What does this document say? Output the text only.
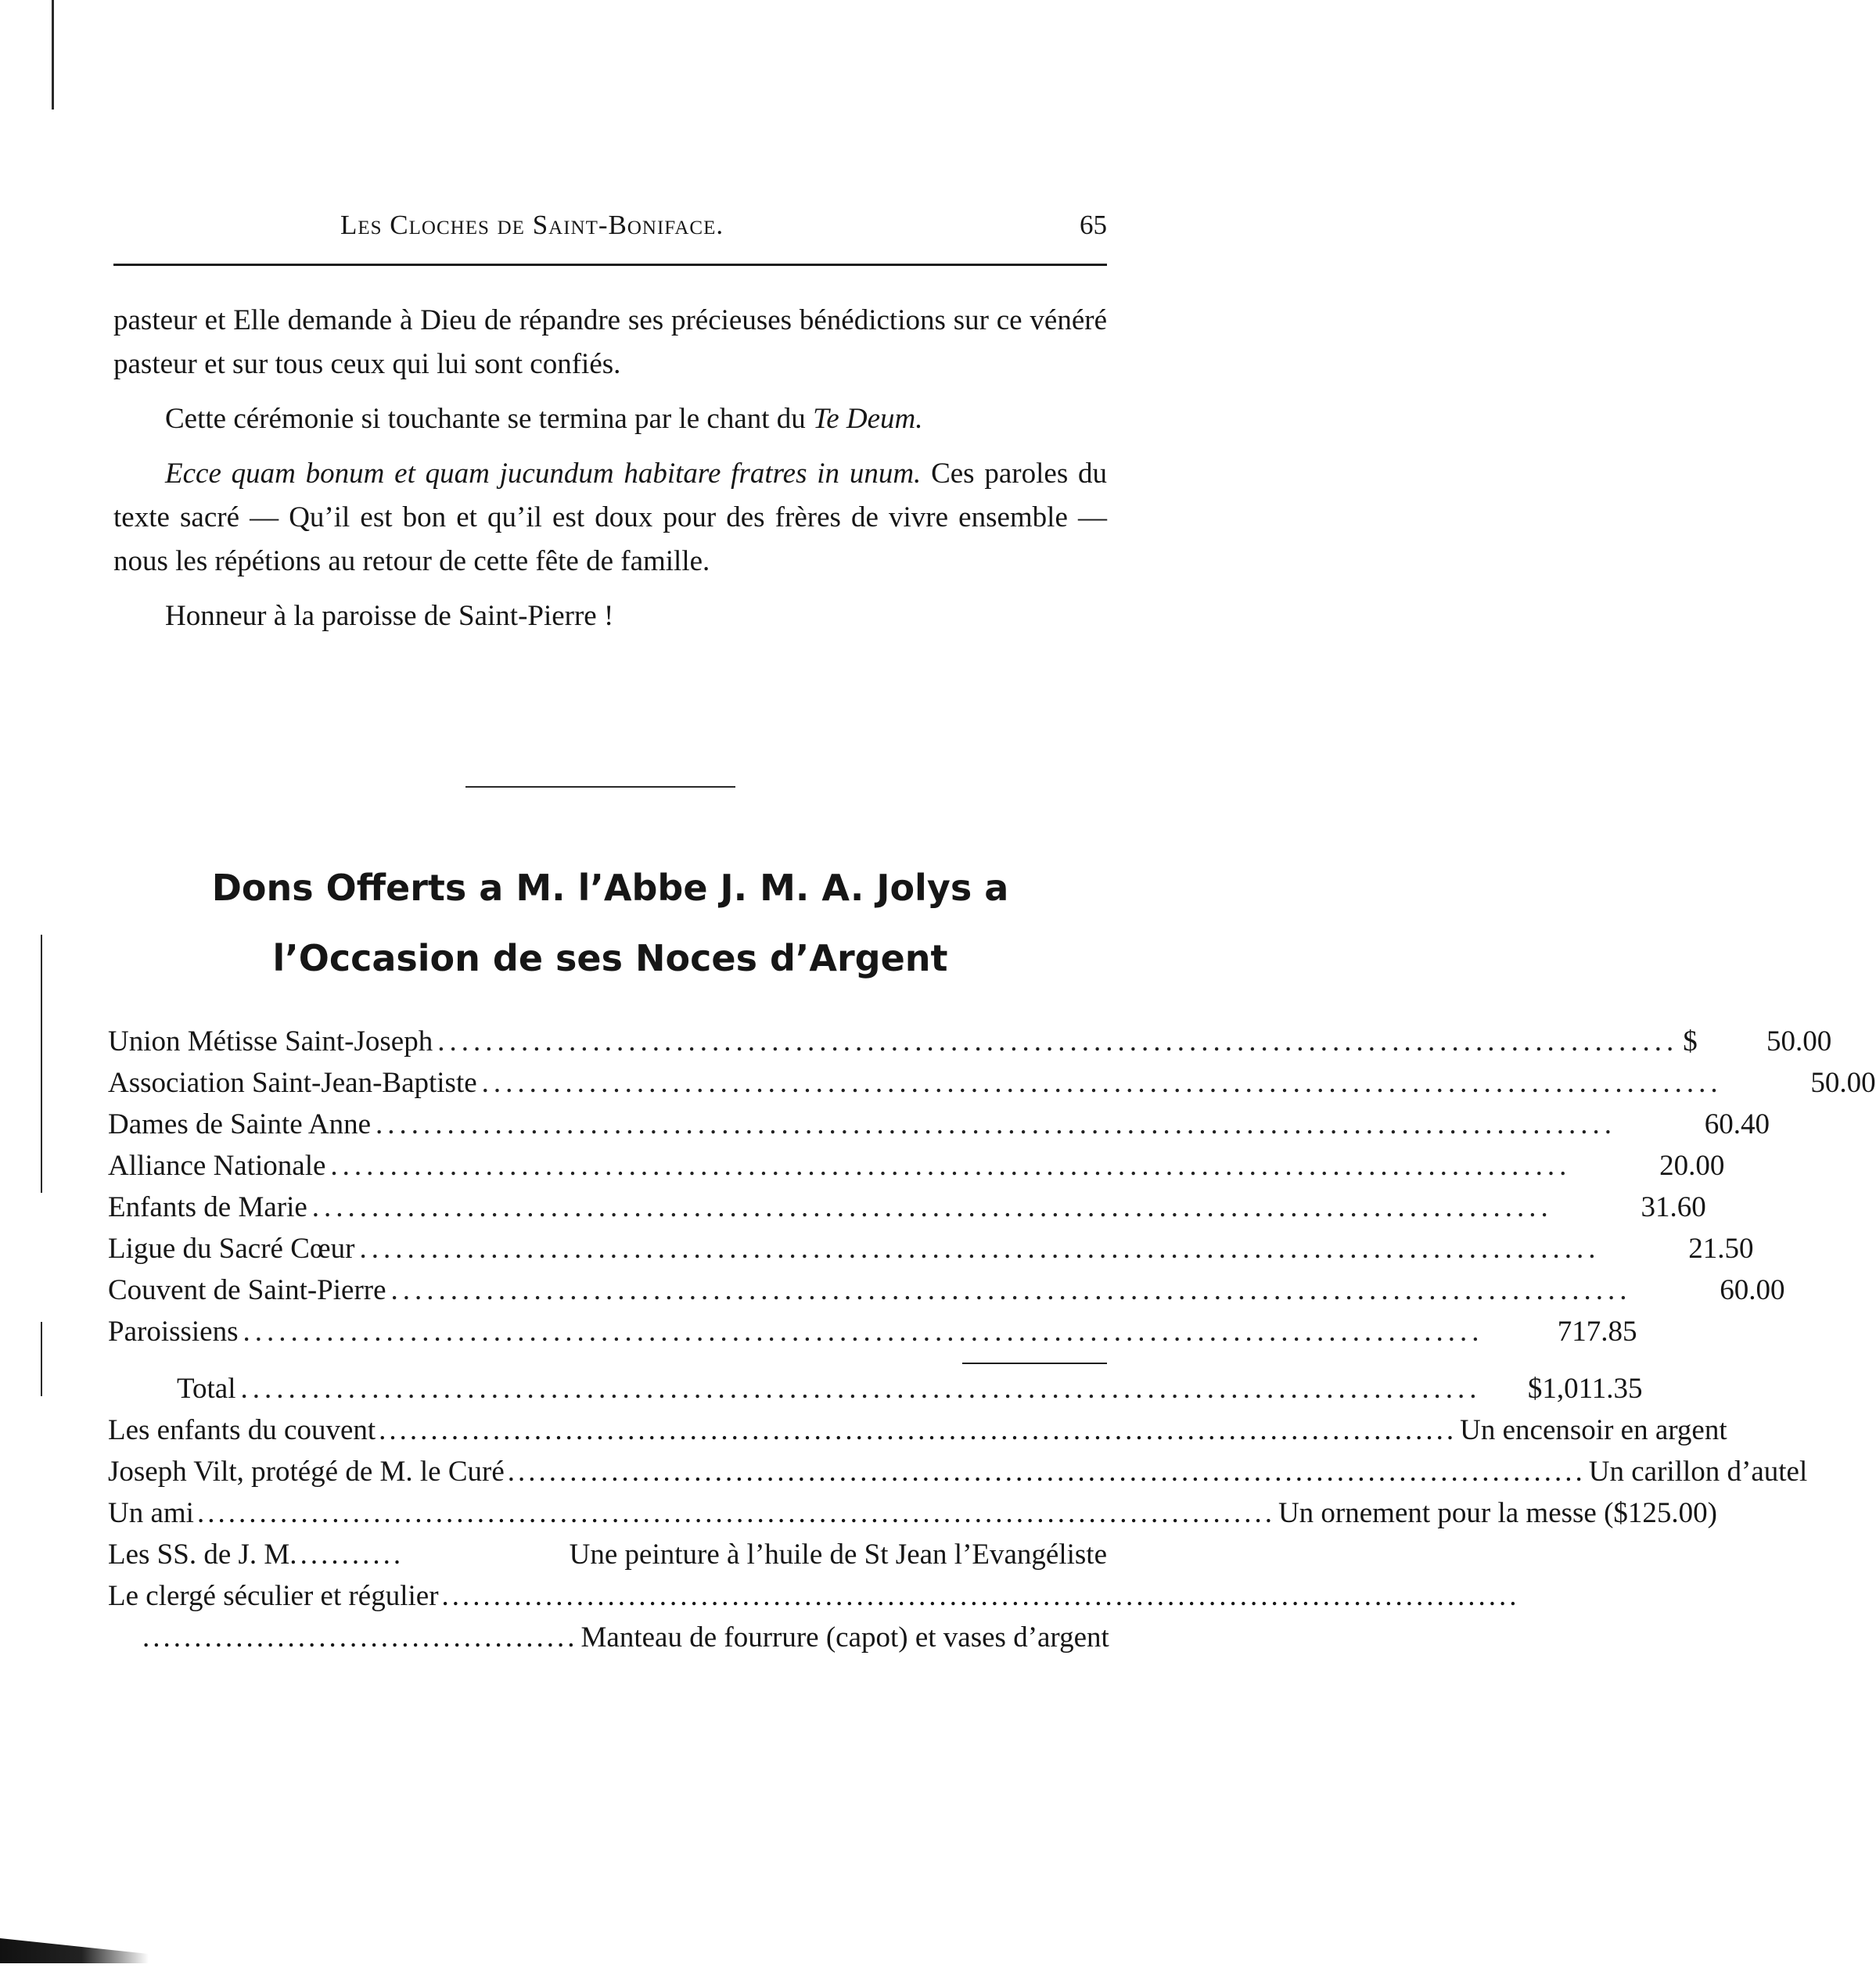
Les Cloches de Saint-Boniface.	65

pasteur et Elle demande à Dieu de répandre ses précieuses bénédictions sur ce vénéré pasteur et sur tous ceux qui lui sont confiés.

Cette cérémonie si touchante se termina par le chant du Te Deum.

Ecce quam bonum et quam jucundum habitare fratres in unum. Ces paroles du texte sacré — Qu’il est bon et qu’il est doux pour des frères de vivre ensemble — nous les répétions au retour de cette fête de famille.

Honneur à la paroisse de Saint-Pierre !

Dons Offerts a M. l’Abbe J. M. A. Jolys a
l’Occasion de ses Noces d’Argent
Union Métisse Saint-Joseph ........................................................................................................ $	50.00
Association Saint-Jean-Baptiste ........................................................................................................	50.00
Dames de Sainte Anne ........................................................................................................	60.40
Alliance Nationale ........................................................................................................	20.00
Enfants de Marie ........................................................................................................	31.60
Ligue du Sacré Cœur ........................................................................................................	21.50
Couvent de Saint-Pierre ........................................................................................................	60.00
Paroissiens ........................................................................................................	717.85
Total ........................................................................................................	$1,011.35
Les enfants du couvent ........................................................................................................ Un encensoir en argent
Joseph Vilt, protégé de M. le Curé ........................................................................................................ Un carillon d’autel
Un ami ........................................................................................................ Un ornement pour la messe ($125.00)
Les SS. de J. M. ..........	Une peinture à l’huile de St Jean l’Evangéliste
Le clergé séculier et régulier ........................................................................................................
.......................................... Manteau de fourrure (capot) et vases d’argent
